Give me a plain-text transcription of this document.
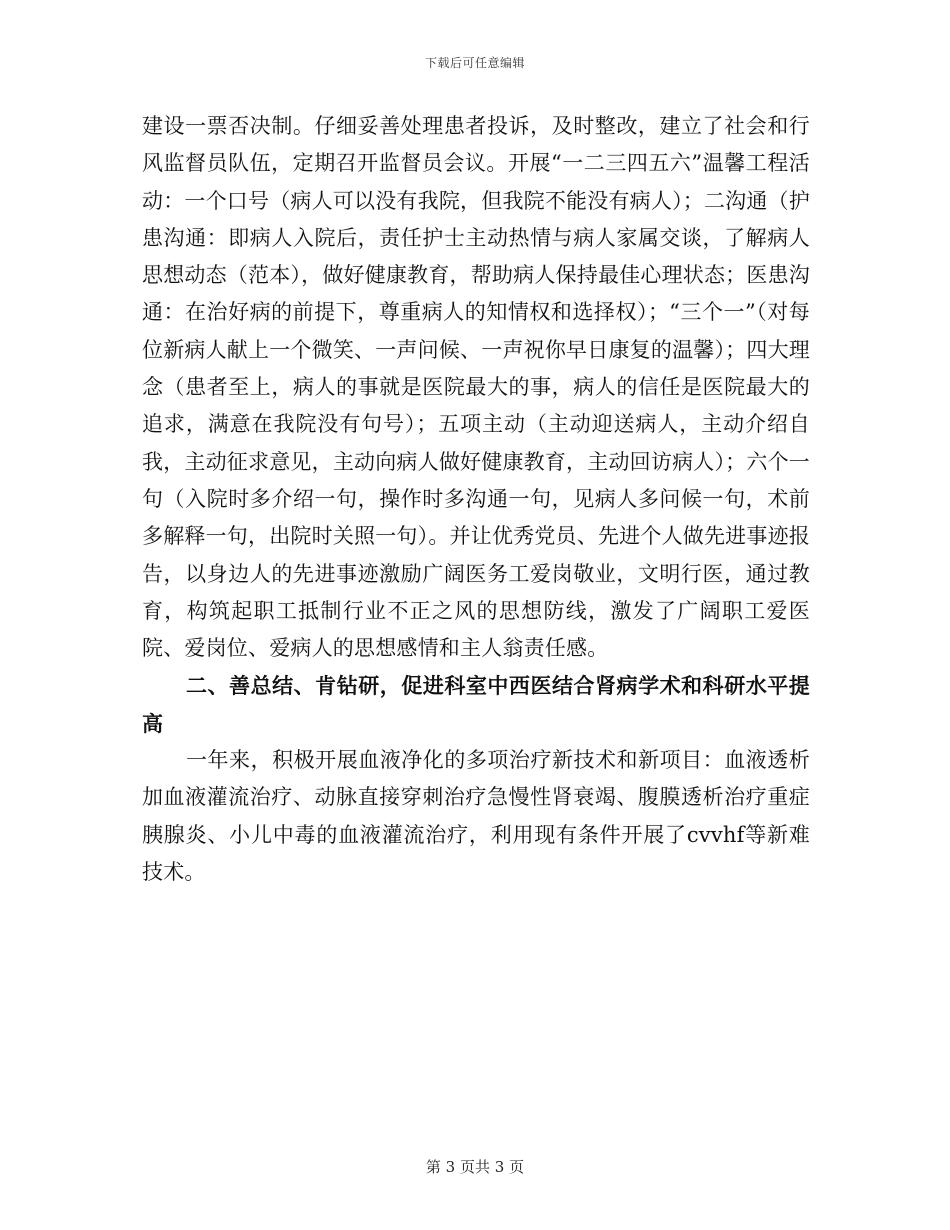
下载后可任意编辑

建设一票否决制。仔细妥善处理患者投诉，及时整改，建立了社会和行风监督员队伍，定期召开监督员会议。开展“一二三四五六”温馨工程活动：一个口号（病人可以没有我院，但我院不能没有病人）；二沟通（护患沟通：即病人入院后，责任护士主动热情与病人家属交谈，了解病人思想动态（范本），做好健康教育，帮助病人保持最佳心理状态；医患沟通：在治好病的前提下，尊重病人的知情权和选择权）；“三个一”（对每位新病人献上一个微笑、一声问候、一声祝你早日康复的温馨）；四大理念（患者至上，病人的事就是医院最大的事，病人的信任是医院最大的追求，满意在我院没有句号）；五项主动（主动迎送病人，主动介绍自我，主动征求意见，主动向病人做好健康教育，主动回访病人）；六个一句（入院时多介绍一句，操作时多沟通一句，见病人多问候一句，术前多解释一句，出院时关照一句）。并让优秀党员、先进个人做先进事迹报告，以身边人的先进事迹激励广阔医务工爱岗敬业，文明行医，通过教育，构筑起职工抵制行业不正之风的思想防线，激发了广阔职工爱医院、爱岗位、爱病人的思想感情和主人翁责任感。

二、善总结、肯钻研，促进科室中西医结合肾病学术和科研水平提高

一年来，积极开展血液净化的多项治疗新技术和新项目：血液透析加血液灌流治疗、动脉直接穿刺治疗急慢性肾衰竭、腹膜透析治疗重症胰腺炎、小儿中毒的血液灌流治疗，利用现有条件开展了cvvhf等新难技术。

第 3 页共 3 页
